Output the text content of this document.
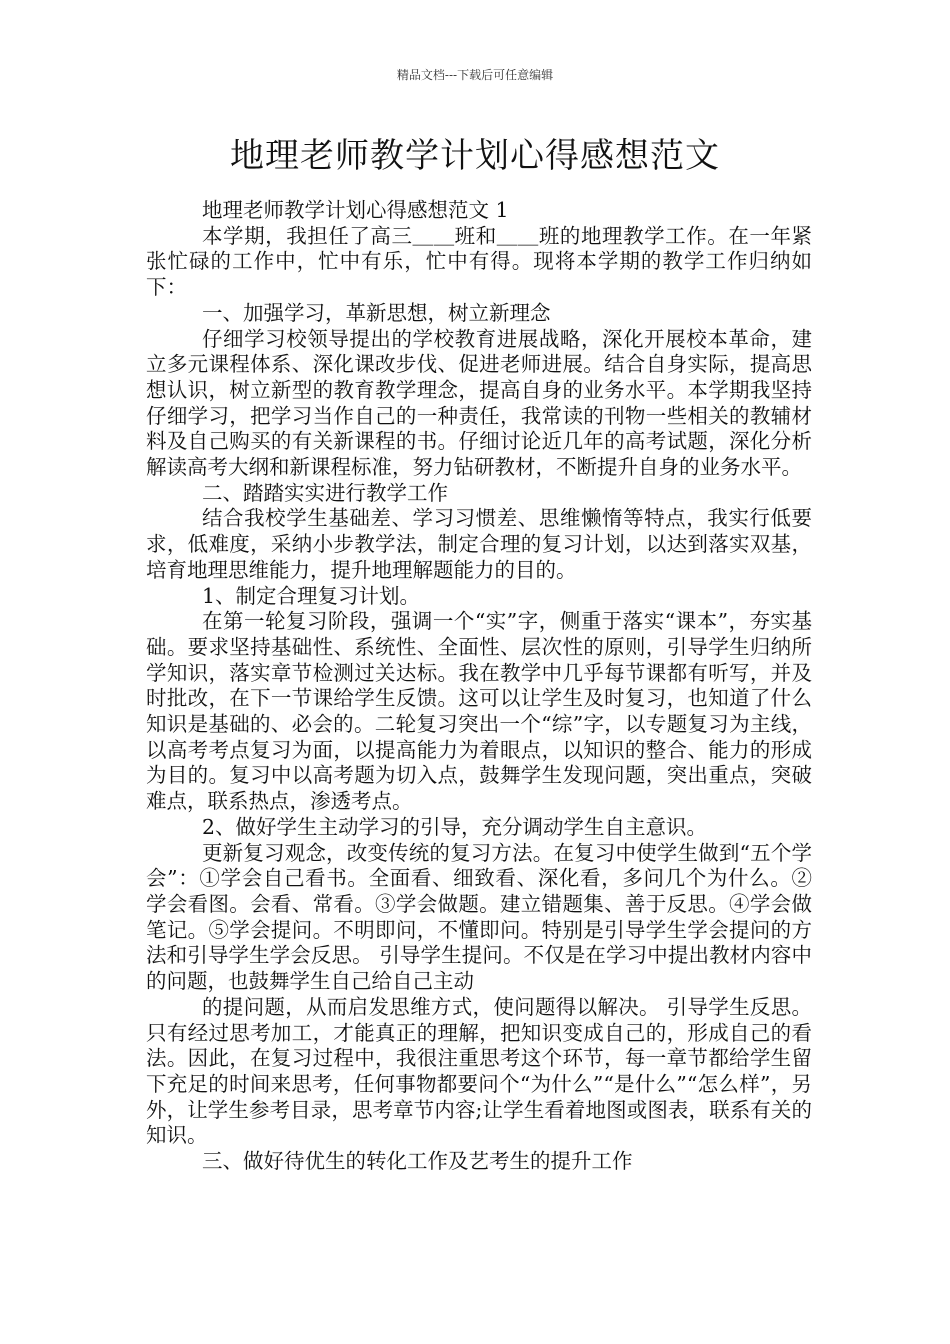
精品文档---下载后可任意编辑
地理老师教学计划心得感想范文

地理老师教学计划心得感想范文 1

本学期，我担任了高三＿＿班和＿＿班的地理教学工作。在一年紧张忙碌的工作中，忙中有乐，忙中有得。现将本学期的教学工作归纳如下：

一、加强学习，革新思想，树立新理念

仔细学习校领导提出的学校教育进展战略，深化开展校本革命，建立多元课程体系、深化课改步伐、促进老师进展。结合自身实际，提高思想认识，树立新型的教育教学理念，提高自身的业务水平。本学期我坚持仔细学习，把学习当作自己的一种责任，我常读的刊物一些相关的教辅材料及自己购买的有关新课程的书。仔细讨论近几年的高考试题，深化分析解读高考大纲和新课程标准，努力钻研教材，不断提升自身的业务水平。

二、踏踏实实进行教学工作

结合我校学生基础差、学习习惯差、思维懒惰等特点，我实行低要求，低难度，采纳小步教学法，制定合理的复习计划，以达到落实双基，培育地理思维能力，提升地理解题能力的目的。

1、制定合理复习计划。

在第一轮复习阶段，强调一个“实”字，侧重于落实“课本”，夯实基础。要求坚持基础性、系统性、全面性、层次性的原则，引导学生归纳所学知识，落实章节检测过关达标。我在教学中几乎每节课都有听写，并及时批改，在下一节课给学生反馈。这可以让学生及时复习，也知道了什么知识是基础的、必会的。二轮复习突出一个“综”字，以专题复习为主线，以高考考点复习为面，以提高能力为着眼点，以知识的整合、能力的形成为目的。复习中以高考题为切入点，鼓舞学生发现问题，突出重点，突破难点，联系热点，渗透考点。

2、做好学生主动学习的引导，充分调动学生自主意识。

更新复习观念，改变传统的复习方法。在复习中使学生做到“五个学会”：①学会自己看书。全面看、细致看、深化看，多问几个为什么。②学会看图。会看、常看。③学会做题。建立错题集、善于反思。④学会做笔记。⑤学会提问。不明即问，不懂即问。特别是引导学生学会提问的方法和引导学生学会反思。 引导学生提问。不仅是在学习中提出教材内容中的问题，也鼓舞学生自己给自己主动

的提问题，从而启发思维方式，使问题得以解决。 引导学生反思。只有经过思考加工，才能真正的理解，把知识变成自己的，形成自己的看法。因此，在复习过程中，我很注重思考这个环节，每一章节都给学生留下充足的时间来思考，任何事物都要问个“为什么”“是什么”“怎么样”，另外，让学生参考目录，思考章节内容;让学生看着地图或图表，联系有关的知识。

三、做好待优生的转化工作及艺考生的提升工作
